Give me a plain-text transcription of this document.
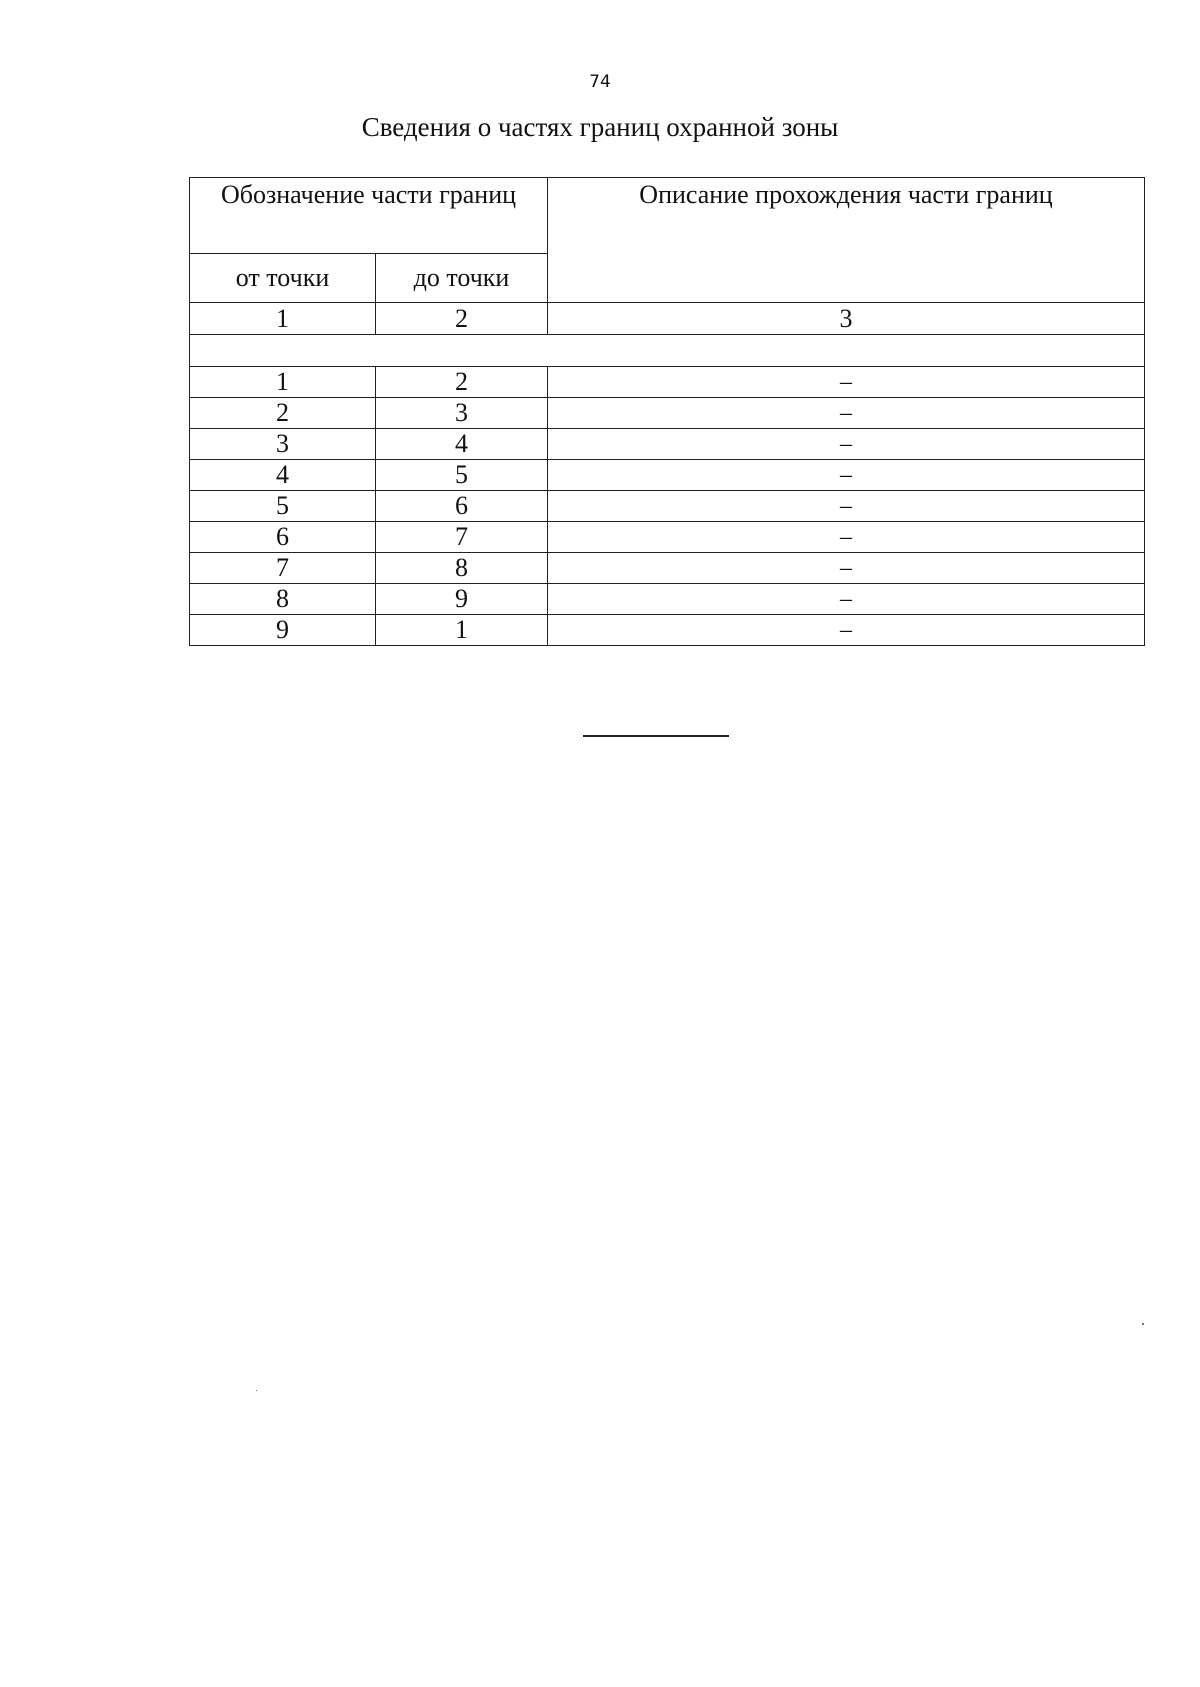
74
Сведения о частях границ охранной зоны
Обозначение части границ		Описание прохождения части границ
от точки	до точки	
1	2	3

1	2	–
2	3	–
3	4	–
4	5	–
5	6	–
6	7	–
7	8	–
8	9	–
9	1	–
